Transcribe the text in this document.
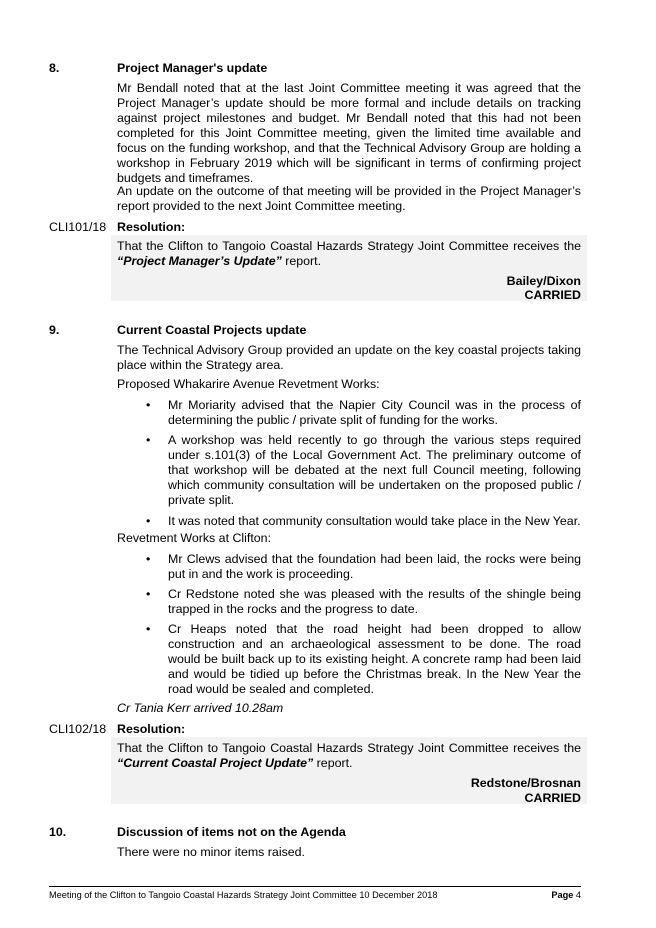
8.	Project Manager's update
Mr Bendall noted that at the last Joint Committee meeting it was agreed that the Project Manager’s update should be more formal and include details on tracking against project milestones and budget. Mr Bendall noted that this had not been completed for this Joint Committee meeting, given the limited time available and focus on the funding workshop, and that the Technical Advisory Group are holding a workshop in February 2019 which will be significant in terms of confirming project budgets and timeframes.
An update on the outcome of that meeting will be provided in the Project Manager’s report provided to the next Joint Committee meeting.
CLI101/18 Resolution:
That the Clifton to Tangoio Coastal Hazards Strategy Joint Committee receives the “Project Manager’s Update” report.
Bailey/Dixon
CARRIED
9.	Current Coastal Projects update
The Technical Advisory Group provided an update on the key coastal projects taking place within the Strategy area.
Proposed Whakarire Avenue Revetment Works:
• Mr Moriarity advised that the Napier City Council was in the process of determining the public / private split of funding for the works.
• A workshop was held recently to go through the various steps required under s.101(3) of the Local Government Act. The preliminary outcome of that workshop will be debated at the next full Council meeting, following which community consultation will be undertaken on the proposed public / private split.
• It was noted that community consultation would take place in the New Year.
Revetment Works at Clifton:
• Mr Clews advised that the foundation had been laid, the rocks were being put in and the work is proceeding.
• Cr Redstone noted she was pleased with the results of the shingle being trapped in the rocks and the progress to date.
• Cr Heaps noted that the road height had been dropped to allow construction and an archaeological assessment to be done. The road would be built back up to its existing height. A concrete ramp had been laid and would be tidied up before the Christmas break. In the New Year the road would be sealed and completed.
Cr Tania Kerr arrived 10.28am
CLI102/18 Resolution:
That the Clifton to Tangoio Coastal Hazards Strategy Joint Committee receives the “Current Coastal Project Update” report.
Redstone/Brosnan
CARRIED
10.	Discussion of items not on the Agenda
There were no minor items raised.
Meeting of the Clifton to Tangoio Coastal Hazards Strategy Joint Committee 10 December 2018	Page 4
